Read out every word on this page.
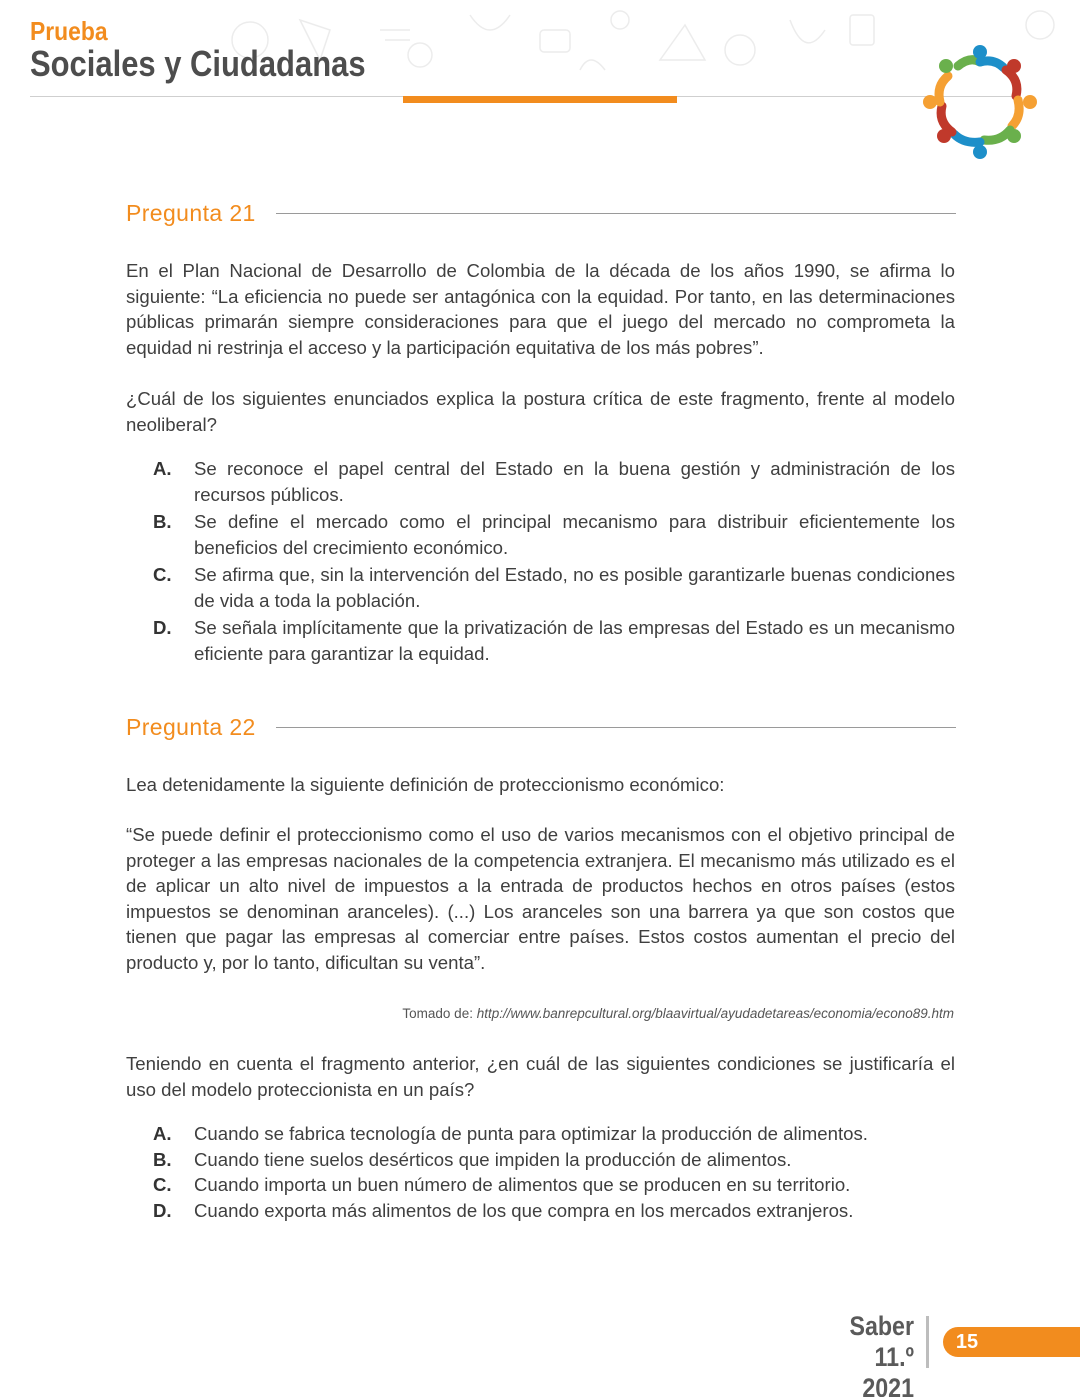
Prueba
Sociales y Ciudadanas
Pregunta 21

En el Plan Nacional de Desarrollo de Colombia de la década de los años 1990, se afirma lo siguiente: “La eficiencia no puede ser antagónica con la equidad. Por tanto, en las determinaciones públicas primarán siempre consideraciones para que el juego del mercado no comprometa la equidad ni restrinja el acceso y la participación equitativa de los más pobres”.

¿Cuál de los siguientes enunciados explica la postura crítica de este fragmento, frente al modelo neoliberal?

A.	Se reconoce el papel central del Estado en la buena gestión y administración de los recursos públicos.
B.	Se define el mercado como el principal mecanismo para distribuir eficientemente los beneficios del crecimiento económico.
C.	Se afirma que, sin la intervención del Estado, no es posible garantizarle buenas condiciones de vida a toda la población.
D.	Se señala implícitamente que la privatización de las empresas del Estado es un mecanismo eficiente para garantizar la equidad.
Pregunta 22

Lea detenidamente la siguiente definición de proteccionismo económico:

“Se puede definir el proteccionismo como el uso de varios mecanismos con el objetivo principal de proteger a las empresas nacionales de la competencia extranjera. El mecanismo más utilizado es el de aplicar un alto nivel de impuestos a la entrada de productos hechos en otros países (estos impuestos se denominan aranceles). (...) Los aranceles son una barrera ya que son costos que tienen que pagar las empresas al comerciar entre países. Estos costos aumentan el precio del producto y, por lo tanto, dificultan su venta”.

Tomado de: http://www.banrepcultural.org/blaavirtual/ayudadetareas/economia/econo89.htm

Teniendo en cuenta el fragmento anterior, ¿en cuál de las siguientes condiciones se justificaría el uso del modelo proteccionista en un país?

A.	Cuando se fabrica tecnología de punta para optimizar la producción de alimentos.
B.	Cuando tiene suelos desérticos que impiden la producción de alimentos.
C.	Cuando importa un buen número de alimentos que se producen en su territorio.
D.	Cuando exporta más alimentos de los que compra en los mercados extranjeros.
Saber 11.º
2021
15
